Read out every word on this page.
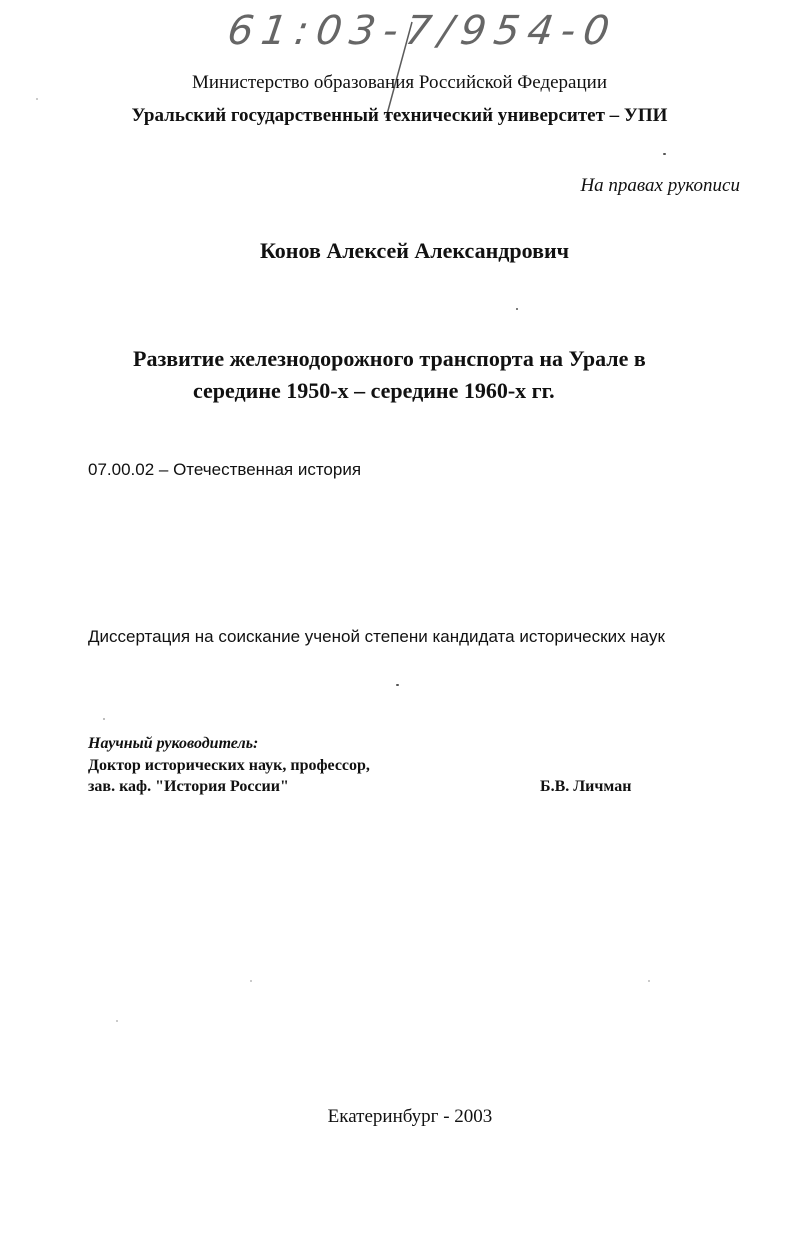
61:03-7/954-0

Министерство образования Российской Федерации

Уральский государственный технический университет – УПИ

На правах рукописи

Конов Алексей Александрович

Развитие железнодорожного транспорта на Урале в

середине 1950-х – середине 1960-х гг.

07.00.02 – Отечественная история

Диссертация на соискание ученой степени кандидата исторических наук

Научный руководитель:

Доктор исторических наук, профессор,

зав. каф. "История России"	Б.В. Личман

Екатеринбург - 2003
